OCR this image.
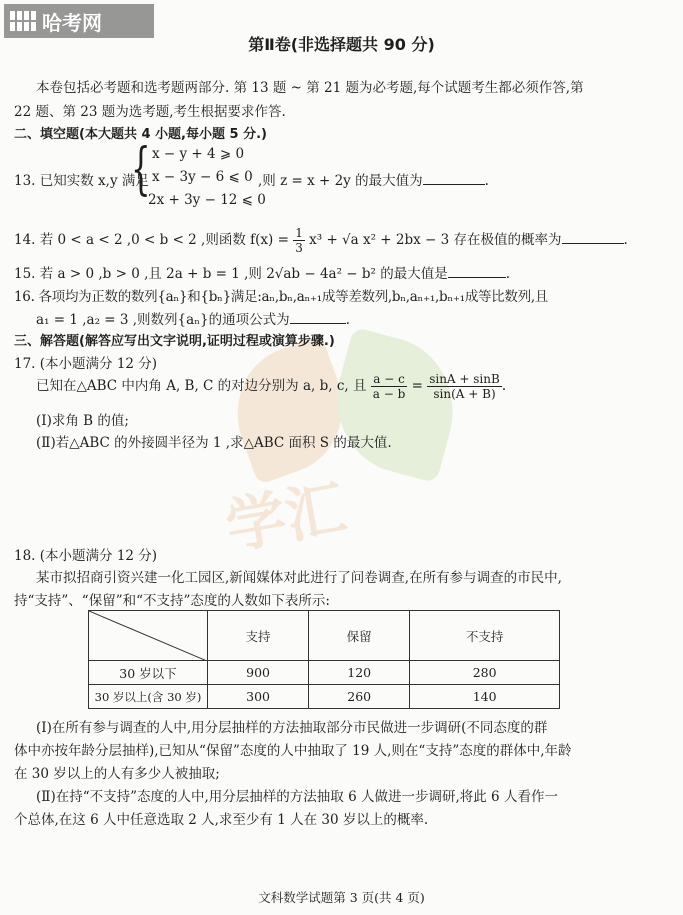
哈考网
学汇
第Ⅱ卷(非选择题共 90 分)
本卷包括必考题和选考题两部分. 第 13 题 ~ 第 21 题为必考题,每个试题考生都必须作答,第
22 题、第 23 题为选考题,考生根据要求作答.
二、填空题(本大题共 4 小题,每小题 5 分.)
13. 已知实数 x,y 满足
{ x − y + 4 ⩾ 0
x − 3y − 6 ⩽ 0
2x + 3y − 12 ⩽ 0
,则 z = x + 2y 的最大值为	.
14. 若 0 < a < 2 ,0 < b < 2 ,则函数 $f(x) = \frac{1}{3} x^3 + √a$ x² + 2bx − 3 存在极值的概率为	.
15. 若 a > 0 ,b > 0 ,且 2a + b = 1 ,则 2√ab − 4a² − b² 的最大值是	.
16. 各项均为正数的数列{aₙ}和{bₙ}满足:aₙ,bₙ,aₙ₊₁成等差数列,bₙ,aₙ₊₁,bₙ₊₁成等比数列,且
a₁ = 1 ,a₂ = 3 ,则数列{aₙ}的通项公式为	.
三、解答题(解答应写出文字说明,证明过程或演算步骤.)
17. (本小题满分 12 分)
已知在△ABC 中内角 A, B, C 的对边分别为 a, b, c, 且 $\frac{a - c}{a - b} = \frac{\sin A + \sin B}{\sin(A + B)}$ .
(Ⅰ)求角 B 的值;
(Ⅱ)若△ABC 的外接圆半径为 1 ,求△ABC 面积 S 的最大值.
18. (本小题满分 12 分)
某市拟招商引资兴建一化工园区,新闻媒体对此进行了问卷调查,在所有参与调查的市民中,
持“支持”、“保留”和“不支持”态度的人数如下表所示:
	支持	保留	不支持
30 岁以下	900	120	280
30 岁以上(含 30 岁)	300	260	140
(Ⅰ)在所有参与调查的人中,用分层抽样的方法抽取部分市民做进一步调研(不同态度的群
体中亦按年龄分层抽样),已知从“保留”态度的人中抽取了 19 人,则在“支持”态度的群体中,年龄
在 30 岁以上的人有多少人被抽取;
(Ⅱ)在持“不支持”态度的人中,用分层抽样的方法抽取 6 人做进一步调研,将此 6 人看作一
个总体,在这 6 人中任意选取 2 人,求至少有 1 人在 30 岁以上的概率.
文科数学试题第 3 页(共 4 页)
